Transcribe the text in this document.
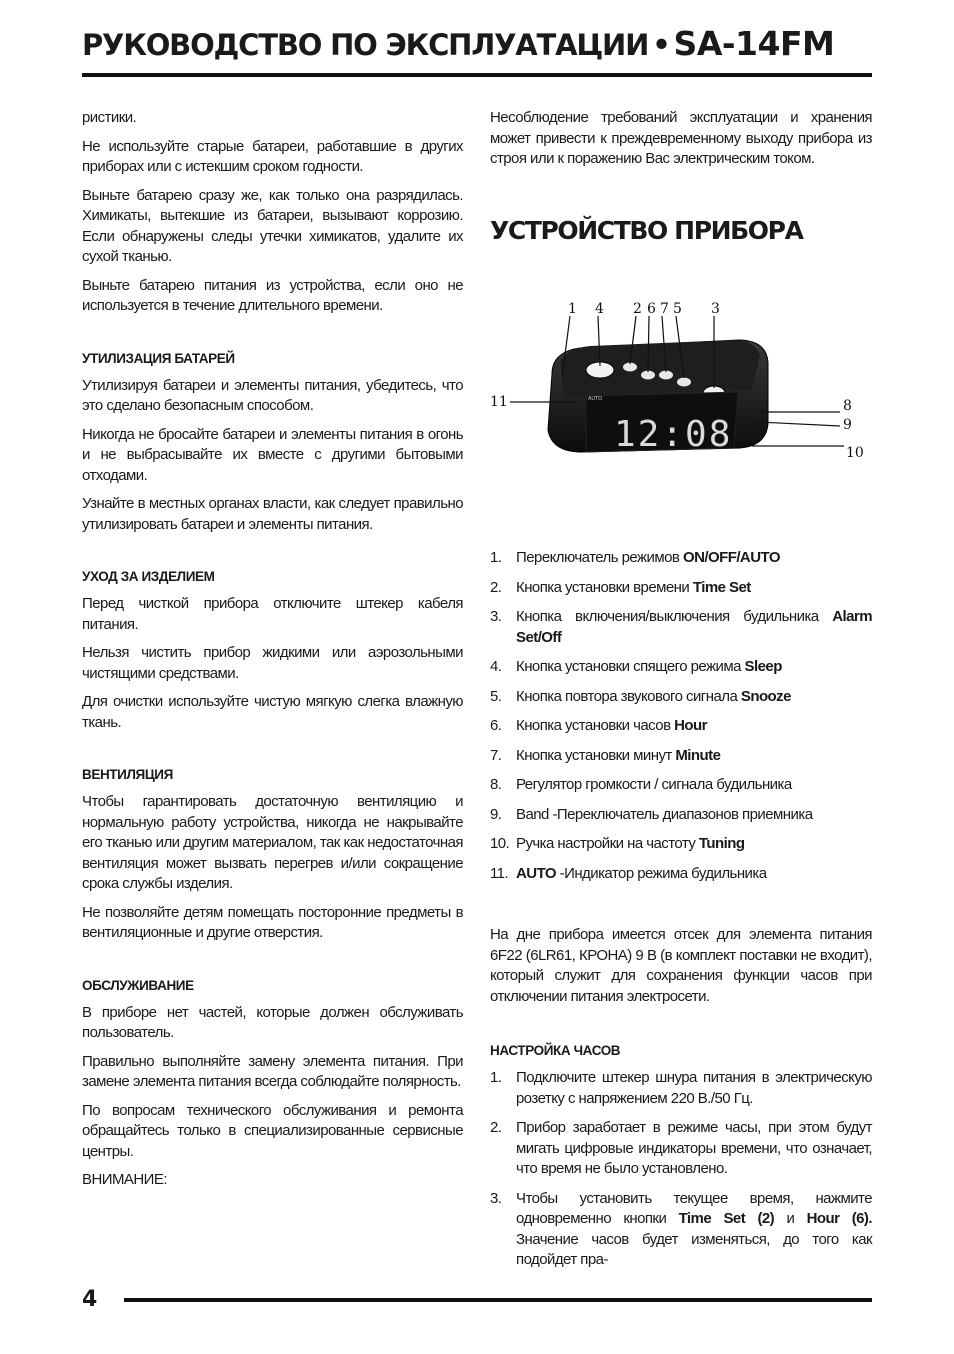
РУКОВОДСТВО ПО ЭКСПЛУАТАЦИИ • SA-14FM

ристики.

Не используйте старые батареи, работавшие в других приборах или с истекшим сроком годности.

Выньте батарею сразу же, как только она разрядилась. Химикаты, вытекшие из батареи, вызывают коррозию. Если обнаружены следы утечки химикатов, удалите их сухой тканью.

Выньте батарею питания из устройства, если оно не используется в течение длительного времени.

УТИЛИЗАЦИЯ БАТАРЕЙ

Утилизируя батареи и элементы питания, убедитесь, что это сделано безопасным способом.

Никогда не бросайте батареи и элементы питания в огонь и не выбрасывайте их вместе с другими бытовыми отходами.

Узнайте в местных органах власти, как следует правильно утилизировать батареи и элементы питания.

УХОД ЗА ИЗДЕЛИЕМ

Перед чисткой прибора отключите штекер кабеля питания.

Нельзя чистить прибор жидкими или аэрозольными чистящими средствами.

Для очистки используйте чистую мягкую слегка влажную ткань.

ВЕНТИЛЯЦИЯ

Чтобы гарантировать достаточную вентиляцию и нормальную работу устройства, никогда не накрывайте его тканью или другим материалом, так как недостаточная вентиляция может вызвать перегрев и/или сокращение срока службы изделия.

Не позволяйте детям помещать посторонние предметы в вентиляционные и другие отверстия.

ОБСЛУЖИВАНИЕ

В приборе нет частей, которые должен обслуживать пользователь.

Правильно выполняйте замену элемента питания. При замене элемента питания всегда соблюдайте полярность.

По вопросам технического обслуживания и ремонта обращайтесь только в специализированные сервисные центры.

ВНИМАНИЕ:

Несоблюдение требований эксплуатации и хранения может привести к преждевременному выходу прибора из строя или к поражению Вас электрическим током.

УСТРОЙСТВО ПРИБОРА
1 4 2 6 7 5 3
11	8
9
10
AUTO
12:08
1. Переключатель режимов ON/OFF/AUTO
2. Кнопка установки времени Time Set
3. Кнопка включения/выключения будильника Alarm Set/Off
4. Кнопка установки спящего режима Sleep
5. Кнопка повтора звукового сигнала Snooze
6. Кнопка установки часов Hour
7. Кнопка установки минут Minute
8. Регулятор громкости / сигнала будильника
9. Band -Переключатель диапазонов приемника
10. Ручка настройки на частоту Tuning
11. AUTO -Индикатор режима будильника

На дне прибора имеется отсек для элемента питания 6F22 (6LR61, КРОНА) 9 В (в комплект поставки не входит), который служит для сохранения функции часов при отключении питания электросети.

НАСТРОЙКА ЧАСОВ
1. Подключите штекер шнура питания в электрическую розетку с напряжением 220 В./50 Гц.
2. Прибор заработает в режиме часы, при этом будут мигать цифровые индикаторы времени, что означает, что время не было установлено.
3. Чтобы установить текущее время, нажмите одновременно кнопки Time Set (2) и Hour (6). Значение часов будет изменяться, до того как подойдет пра-
4
